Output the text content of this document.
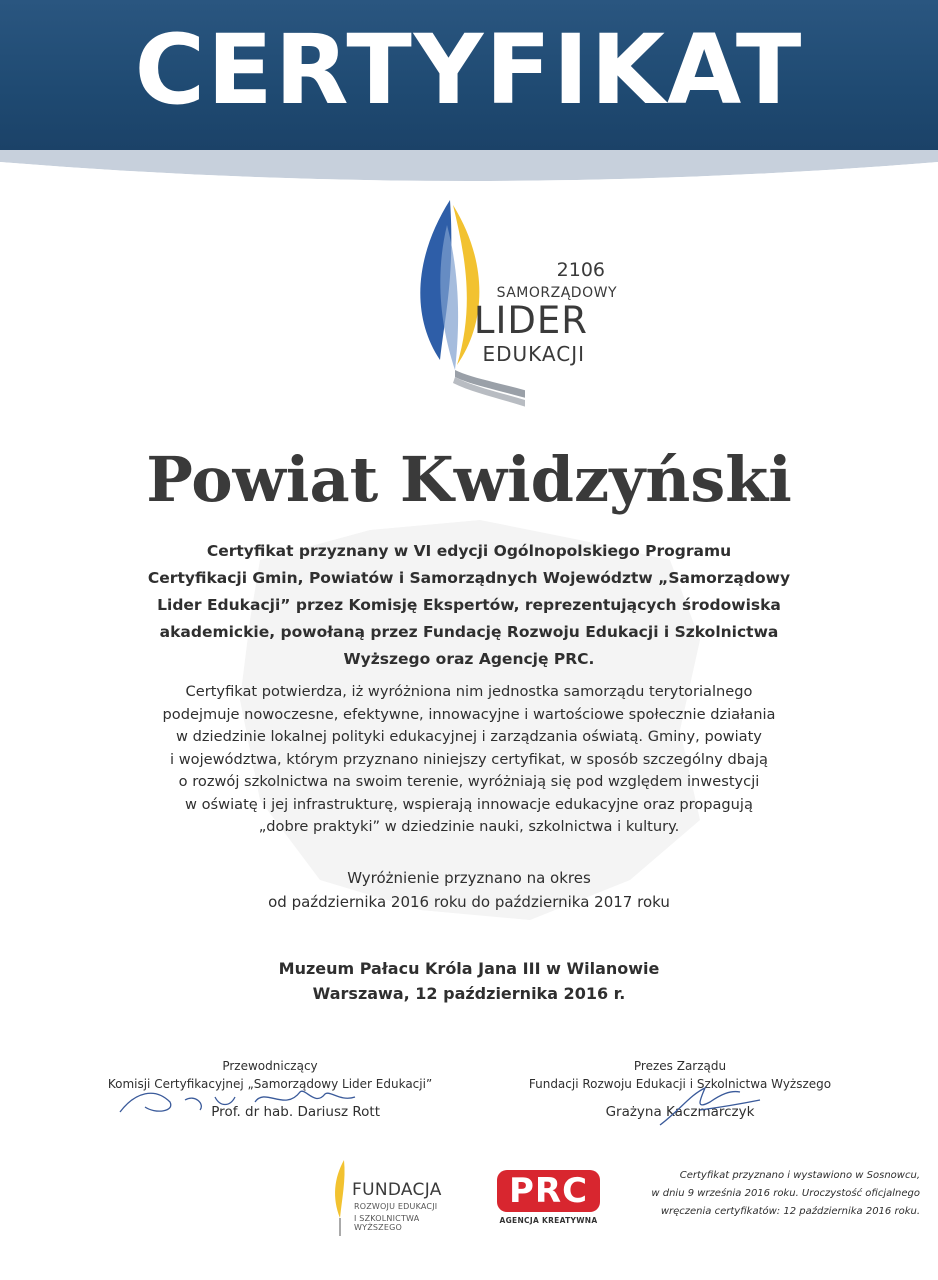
CERTYFIKAT
2106
SAMORZĄDOWY
LIDER
EDUKACJI
Powiat Kwidzyński
Certyfikat przyznany w VI edycji Ogólnopolskiego Programu
Certyfikacji Gmin, Powiatów i Samorządnych Województw „Samorządowy
Lider Edukacji” przez Komisję Ekspertów, reprezentujących środowiska
akademickie, powołaną przez Fundację Rozwoju Edukacji i Szkolnictwa
Wyższego oraz Agencję PRC.
Certyfikat potwierdza, iż wyróżniona nim jednostka samorządu terytorialnego
podejmuje nowoczesne, efektywne, innowacyjne i wartościowe społecznie działania
w dziedzinie lokalnej polityki edukacyjnej i zarządzania oświatą. Gminy, powiaty
i województwa, którym przyznano niniejszy certyfikat, w sposób szczególny dbają
o rozwój szkolnictwa na swoim terenie, wyróżniają się pod względem inwestycji
w oświatę i jej infrastrukturę, wspierają innowacje edukacyjne oraz propagują
„dobre praktyki” w dziedzinie nauki, szkolnictwa i kultury.
Wyróżnienie przyznano na okres
od października 2016 roku do października 2017 roku
Muzeum Pałacu Króla Jana III w Wilanowie
Warszawa, 12 października 2016 r.
Przewodniczący
Komisji Certyfikacyjnej „Samorządowy Lider Edukacji”
Prof. dr hab. Dariusz Rott
Prezes Zarządu
Fundacji Rozwoju Edukacji i Szkolnictwa Wyższego
Grażyna Kaczmarczyk
FUNDACJA
ROZWOJU EDUKACJI
I SZKOLNICTWA WYŻSZEGO
PRC
AGENCJA KREATYWNA
Certyfikat przyznano i wystawiono w Sosnowcu,
w dniu 9 września 2016 roku. Uroczystość oficjalnego
wręczenia certyfikatów: 12 października 2016 roku.
